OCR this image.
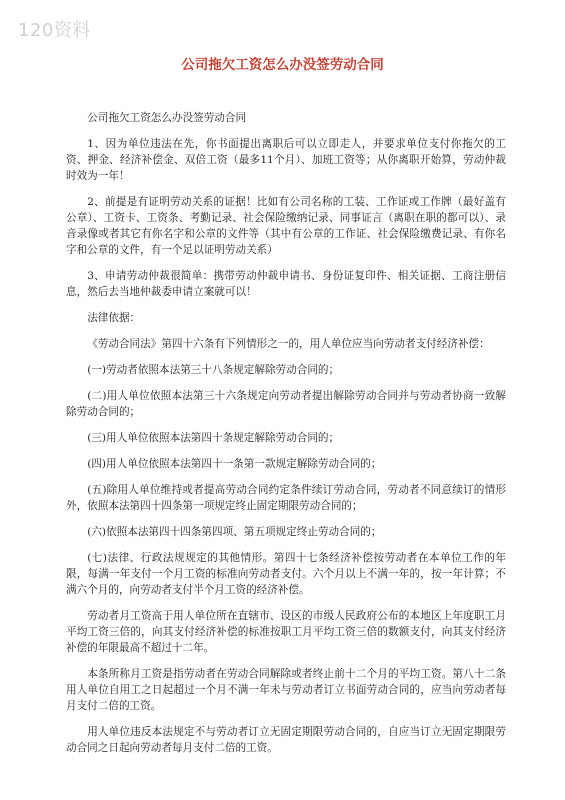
120资料
公司拖欠工资怎么办没签劳动合同

公司拖欠工资怎么办没签劳动合同

1、因为单位违法在先，你书面提出离职后可以立即走人，并要求单位支付你拖欠的工资、押金、经济补偿金、双倍工资（最多11个月）、加班工资等；从你离职开始算，劳动仲裁时效为一年！

2、前提是有证明劳动关系的证据！比如有公司名称的工装、工作证或工作牌（最好盖有公章）、工资卡、工资条、考勤记录、社会保险缴纳记录、同事证言（离职在职的都可以）、录音录像或者其它有你名字和公章的文件等（其中有公章的工作证、社会保险缴费记录、有你名字和公章的文件，有一个足以证明劳动关系）

3、申请劳动仲裁很简单：携带劳动仲裁申请书、身份证复印件、相关证据、工商注册信息，然后去当地仲裁委申请立案就可以！

法律依据：

《劳动合同法》第四十六条有下列情形之一的，用人单位应当向劳动者支付经济补偿：

(一)劳动者依照本法第三十八条规定解除劳动合同的；

(二)用人单位依照本法第三十六条规定向劳动者提出解除劳动合同并与劳动者协商一致解除劳动合同的；

(三)用人单位依照本法第四十条规定解除劳动合同的；

(四)用人单位依照本法第四十一条第一款规定解除劳动合同的；

(五)除用人单位维持或者提高劳动合同约定条件续订劳动合同，劳动者不同意续订的情形外，依照本法第四十四条第一项规定终止固定期限劳动合同的；

(六)依照本法第四十四条第四项、第五项规定终止劳动合同的；

(七)法律、行政法规规定的其他情形。第四十七条经济补偿按劳动者在本单位工作的年限，每满一年支付一个月工资的标准向劳动者支付。六个月以上不满一年的，按一年计算；不满六个月的，向劳动者支付半个月工资的经济补偿。

劳动者月工资高于用人单位所在直辖市、设区的市级人民政府公布的本地区上年度职工月平均工资三倍的，向其支付经济补偿的标准按职工月平均工资三倍的数额支付，向其支付经济补偿的年限最高不超过十二年。

本条所称月工资是指劳动者在劳动合同解除或者终止前十二个月的平均工资。第八十二条用人单位自用工之日起超过一个月不满一年未与劳动者订立书面劳动合同的，应当向劳动者每月支付二倍的工资。

用人单位违反本法规定不与劳动者订立无固定期限劳动合同的，自应当订立无固定期限劳动合同之日起向劳动者每月支付二倍的工资。
